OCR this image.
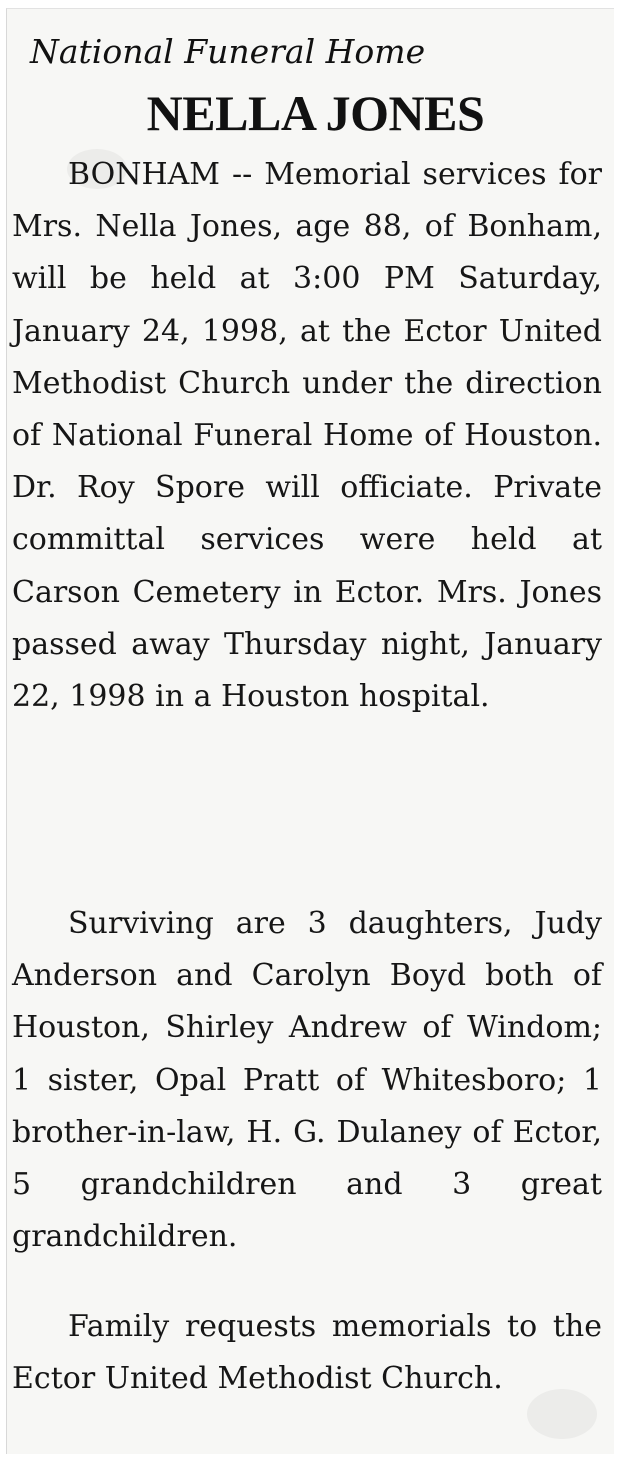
National Funeral Home
NELLA JONES
BONHAM -- Memorial services for Mrs. Nella Jones, age 88, of Bonham, will be held at 3:00 PM Saturday, January 24, 1998, at the Ector United Methodist Church under the direction of National Funeral Home of Houston. Dr. Roy Spore will officiate. Private committal services were held at Carson Cemetery in Ector. Mrs. Jones passed away Thursday night, January 22, 1998 in a Houston hospital.
Surviving are 3 daughters, Judy Anderson and Carolyn Boyd both of Houston, Shirley Andrew of Windom; 1 sister, Opal Pratt of Whitesboro; 1 brother-in-law, H. G. Dulaney of Ector, 5 grandchildren and 3 great grandchildren.
Family requests memorials to the Ector United Methodist Church.
